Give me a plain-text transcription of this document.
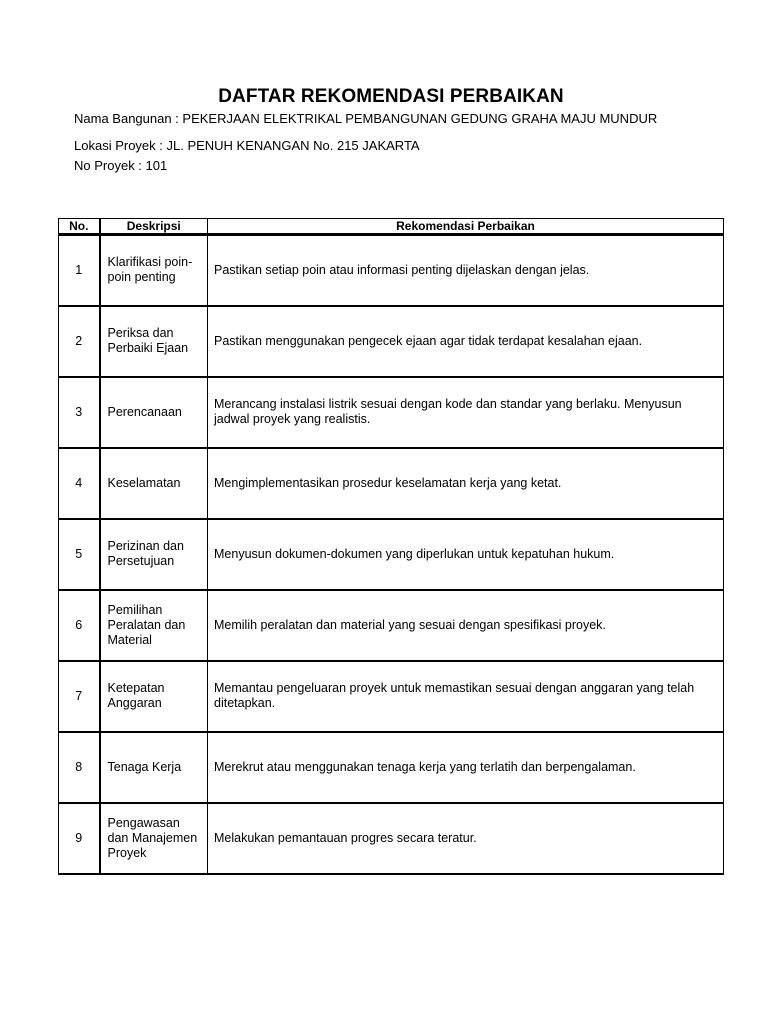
DAFTAR REKOMENDASI PERBAIKAN
Nama Bangunan : PEKERJAAN ELEKTRIKAL PEMBANGUNAN GEDUNG GRAHA MAJU MUNDUR
Lokasi Proyek : JL. PENUH KENANGAN No. 215 JAKARTA
No Proyek : 101
No.	Deskripsi	Rekomendasi Perbaikan
1	Klarifikasi poin-poin penting	Pastikan setiap poin atau informasi penting dijelaskan dengan jelas.
2	Periksa dan Perbaiki Ejaan	Pastikan menggunakan pengecek ejaan agar tidak terdapat kesalahan ejaan.
3	Perencanaan	Merancang instalasi listrik sesuai dengan kode dan standar yang berlaku. Menyusun jadwal proyek yang realistis.
4	Keselamatan	Mengimplementasikan prosedur keselamatan kerja yang ketat.
5	Perizinan dan Persetujuan	Menyusun dokumen-dokumen yang diperlukan untuk kepatuhan hukum.
6	Pemilihan Peralatan dan Material	Memilih peralatan dan material yang sesuai dengan spesifikasi proyek.
7	Ketepatan Anggaran	Memantau pengeluaran proyek untuk memastikan sesuai dengan anggaran yang telah ditetapkan.
8	Tenaga Kerja	Merekrut atau menggunakan tenaga kerja yang terlatih dan berpengalaman.
9	Pengawasan dan Manajemen Proyek	Melakukan pemantauan progres secara teratur.
